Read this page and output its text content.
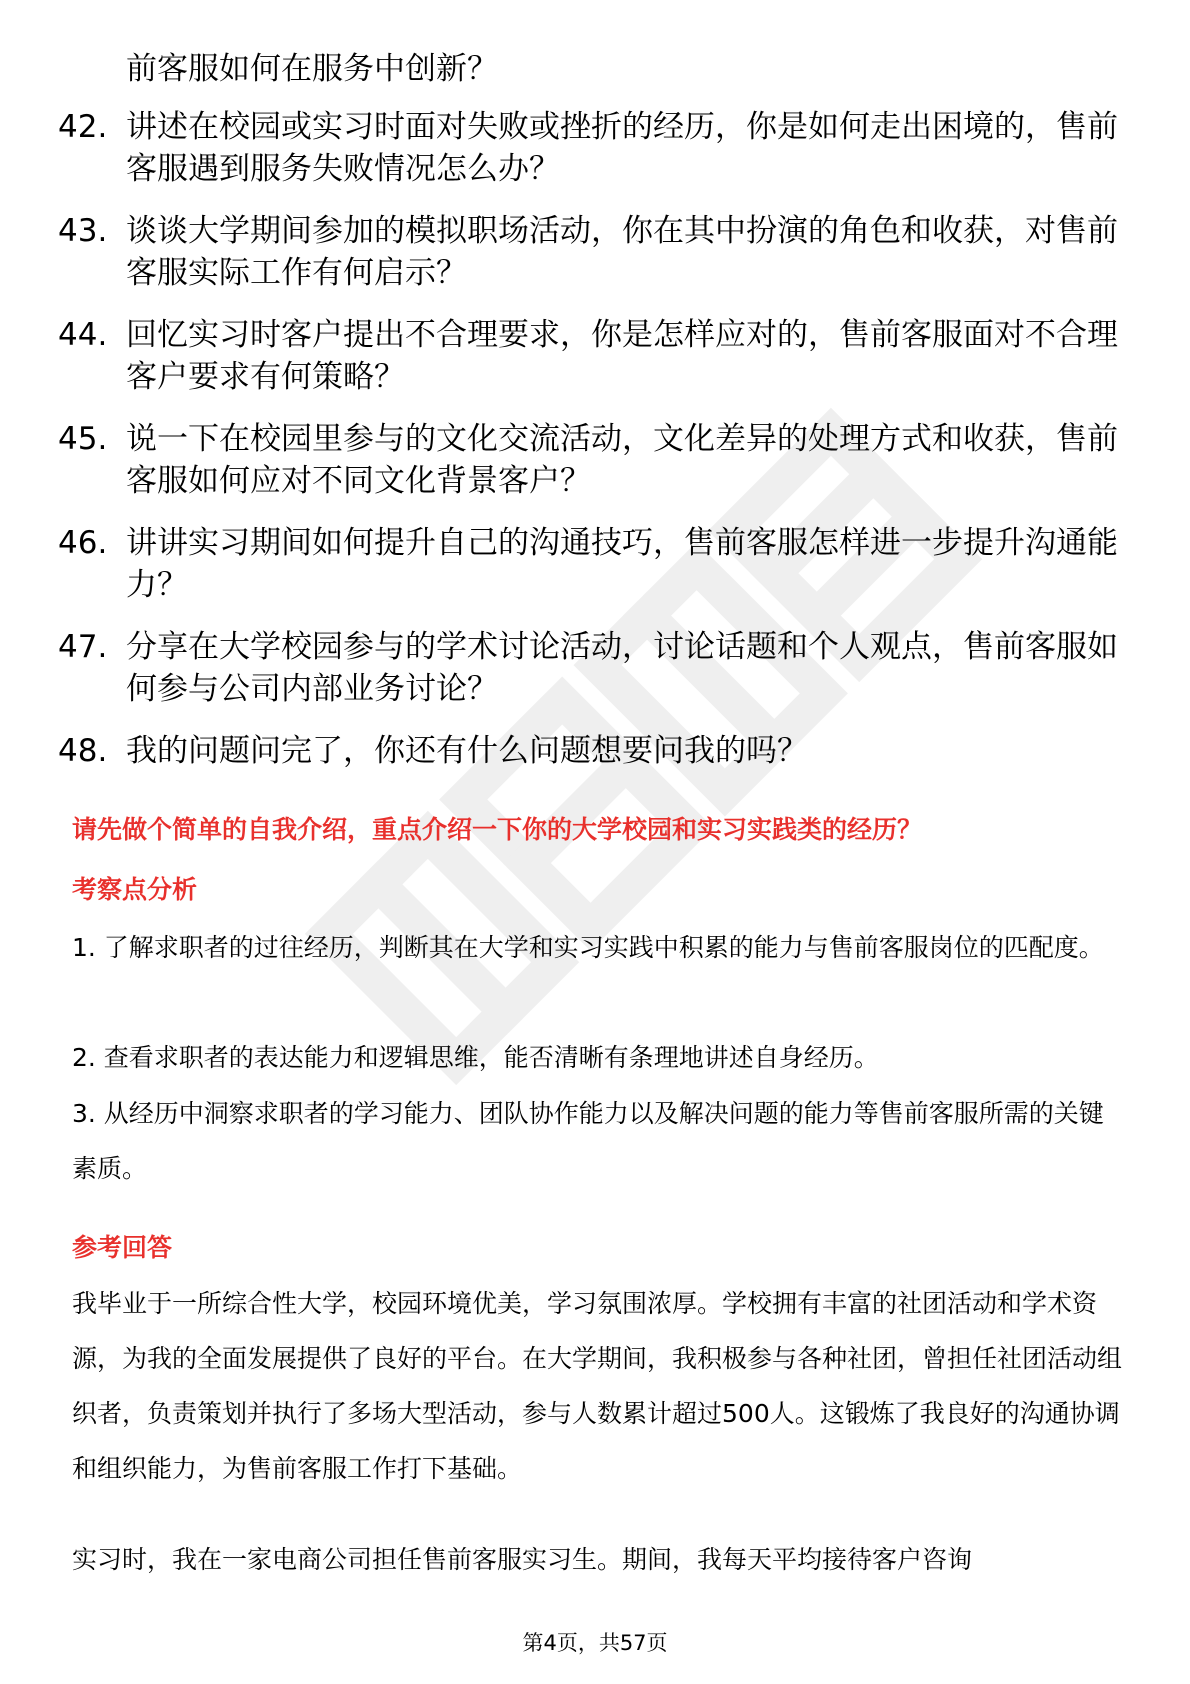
前客服如何在服务中创新？
42. 讲述在校园或实习时面对失败或挫折的经历，你是如何走出困境的，售前客服遇到服务失败情况怎么办？
43. 谈谈大学期间参加的模拟职场活动，你在其中扮演的角色和收获，对售前客服实际工作有何启示？
44. 回忆实习时客户提出不合理要求，你是怎样应对的，售前客服面对不合理客户要求有何策略？
45. 说一下在校园里参与的文化交流活动，文化差异的处理方式和收获，售前客服如何应对不同文化背景客户？
46. 讲讲实习期间如何提升自己的沟通技巧，售前客服怎样进一步提升沟通能力？
47. 分享在大学校园参与的学术讨论活动，讨论话题和个人观点，售前客服如何参与公司内部业务讨论？
48. 我的问题问完了，你还有什么问题想要问我的吗？
请先做个简单的自我介绍，重点介绍一下你的大学校园和实习实践类的经历？
考察点分析
1. 了解求职者的过往经历，判断其在大学和实习实践中积累的能力与售前客服岗位的匹配度。
2. 查看求职者的表达能力和逻辑思维，能否清晰有条理地讲述自身经历。
3. 从经历中洞察求职者的学习能力、团队协作能力以及解决问题的能力等售前客服所需的关键素质。
参考回答
我毕业于一所综合性大学，校园环境优美，学习氛围浓厚。学校拥有丰富的社团活动和学术资源，为我的全面发展提供了良好的平台。在大学期间，我积极参与各种社团，曾担任社团活动组织者，负责策划并执行了多场大型活动，参与人数累计超过500人。这锻炼了我良好的沟通协调和组织能力，为售前客服工作打下基础。
实习时，我在一家电商公司担任售前客服实习生。期间，我每天平均接待客户咨询
第4页，共57页
